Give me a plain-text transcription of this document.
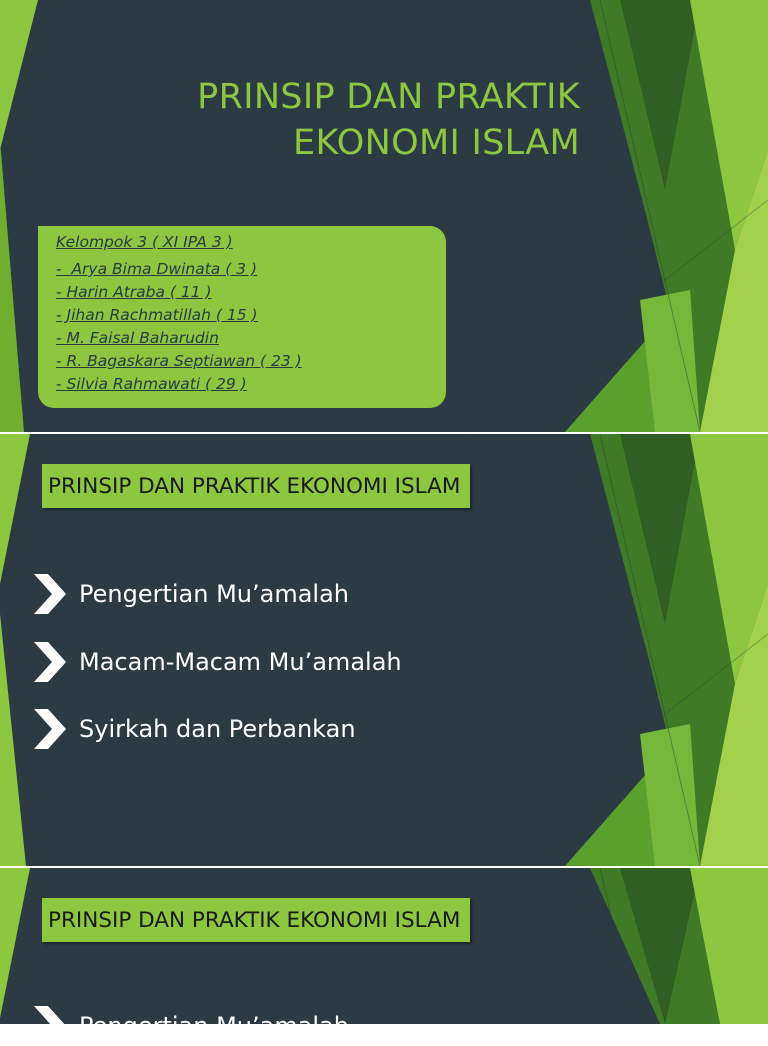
PRINSIP DAN PRAKTIK
EKONOMI ISLAM
Kelompok 3 ( XI IPA 3 )
-  Arya Bima Dwinata ( 3 )
- Harin Atraba ( 11 )
- Jihan Rachmatillah ( 15 )
- M. Faisal Baharudin
- R. Bagaskara Septiawan ( 23 )
- Silvia Rahmawati ( 29 )
PRINSIP DAN PRAKTIK EKONOMI ISLAM
Pengertian Mu’amalah
Macam-Macam Mu’amalah
Syirkah dan Perbankan
PRINSIP DAN PRAKTIK EKONOMI ISLAM
Pengertian Mu’amalah
